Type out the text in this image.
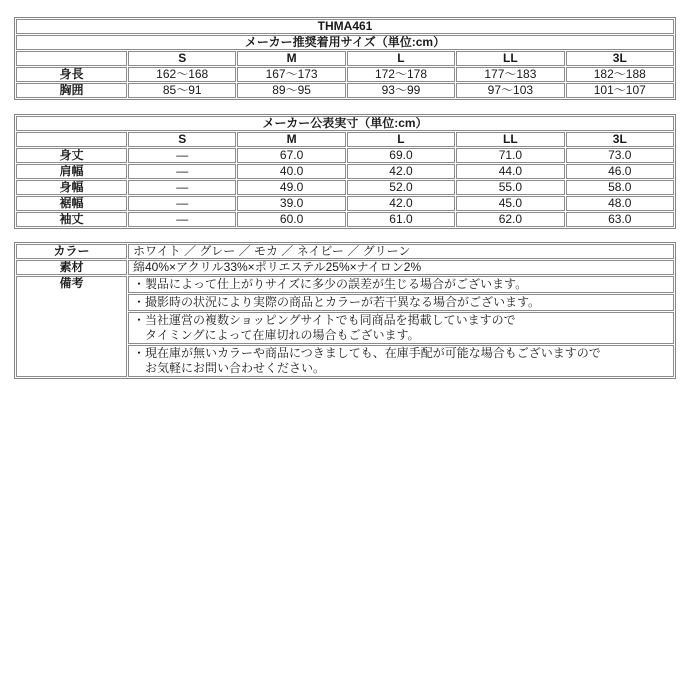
THMA461					
メーカー推奨着用サイズ（単位:cm）					
	S	M	L	LL	3L
身長	162～168	167～173	172～178	177～183	182～188
胸囲	85～91	89～95	93～99	97～103	101～107
メーカー公表実寸（単位:cm）					
	S	M	L	LL	3L
身丈	―	67.0	69.0	71.0	73.0
肩幅	―	40.0	42.0	44.0	46.0
身幅	―	49.0	52.0	55.0	58.0
裾幅	―	39.0	42.0	45.0	48.0
袖丈	―	60.0	61.0	62.0	63.0
カラー	ホワイト ／ グレー ／ モカ ／ ネイビー ／ グリーン
素材	綿40%×アクリル33%×ポリエステル25%×ナイロン2%
備考	・製品によって仕上がりサイズに多少の誤差が生じる場合がございます。

	・撮影時の状況により実際の商品とカラーが若干異なる場合がございます。

	・当社運営の複数ショッピングサイトでも同商品を掲載していますので
タイミングによって在庫切れの場合もございます。

	・現在庫が無いカラーや商品につきましても、在庫手配が可能な場合もございますので
お気軽にお問い合わせください。
